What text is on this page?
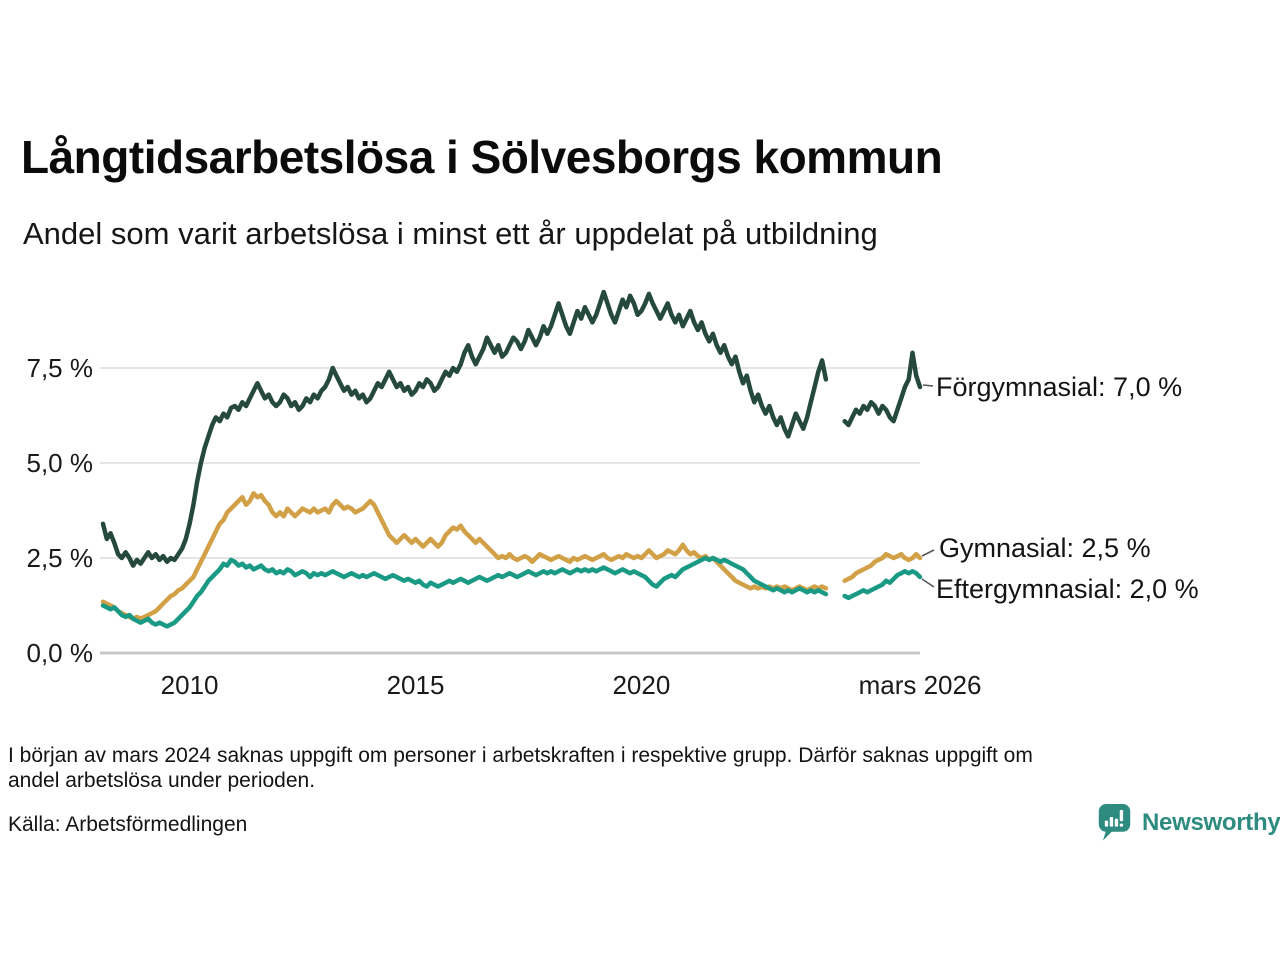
Långtidsarbetslösa i Sölvesborgs kommun
Andel som varit arbetslösa i minst ett år uppdelat på utbildning
7,5 %
5,0 %
2,5 %
0,0 %
2010	2015	2020	mars 2026
Förgymnasial: 7,0 %
Gymnasial: 2,5 %
Eftergymnasial: 2,0 %
I början av mars 2024 saknas uppgift om personer i arbetskraften i respektive grupp. Därför saknas uppgift om
andel arbetslösa under perioden.
Källa: Arbetsförmedlingen	Newsworthy
